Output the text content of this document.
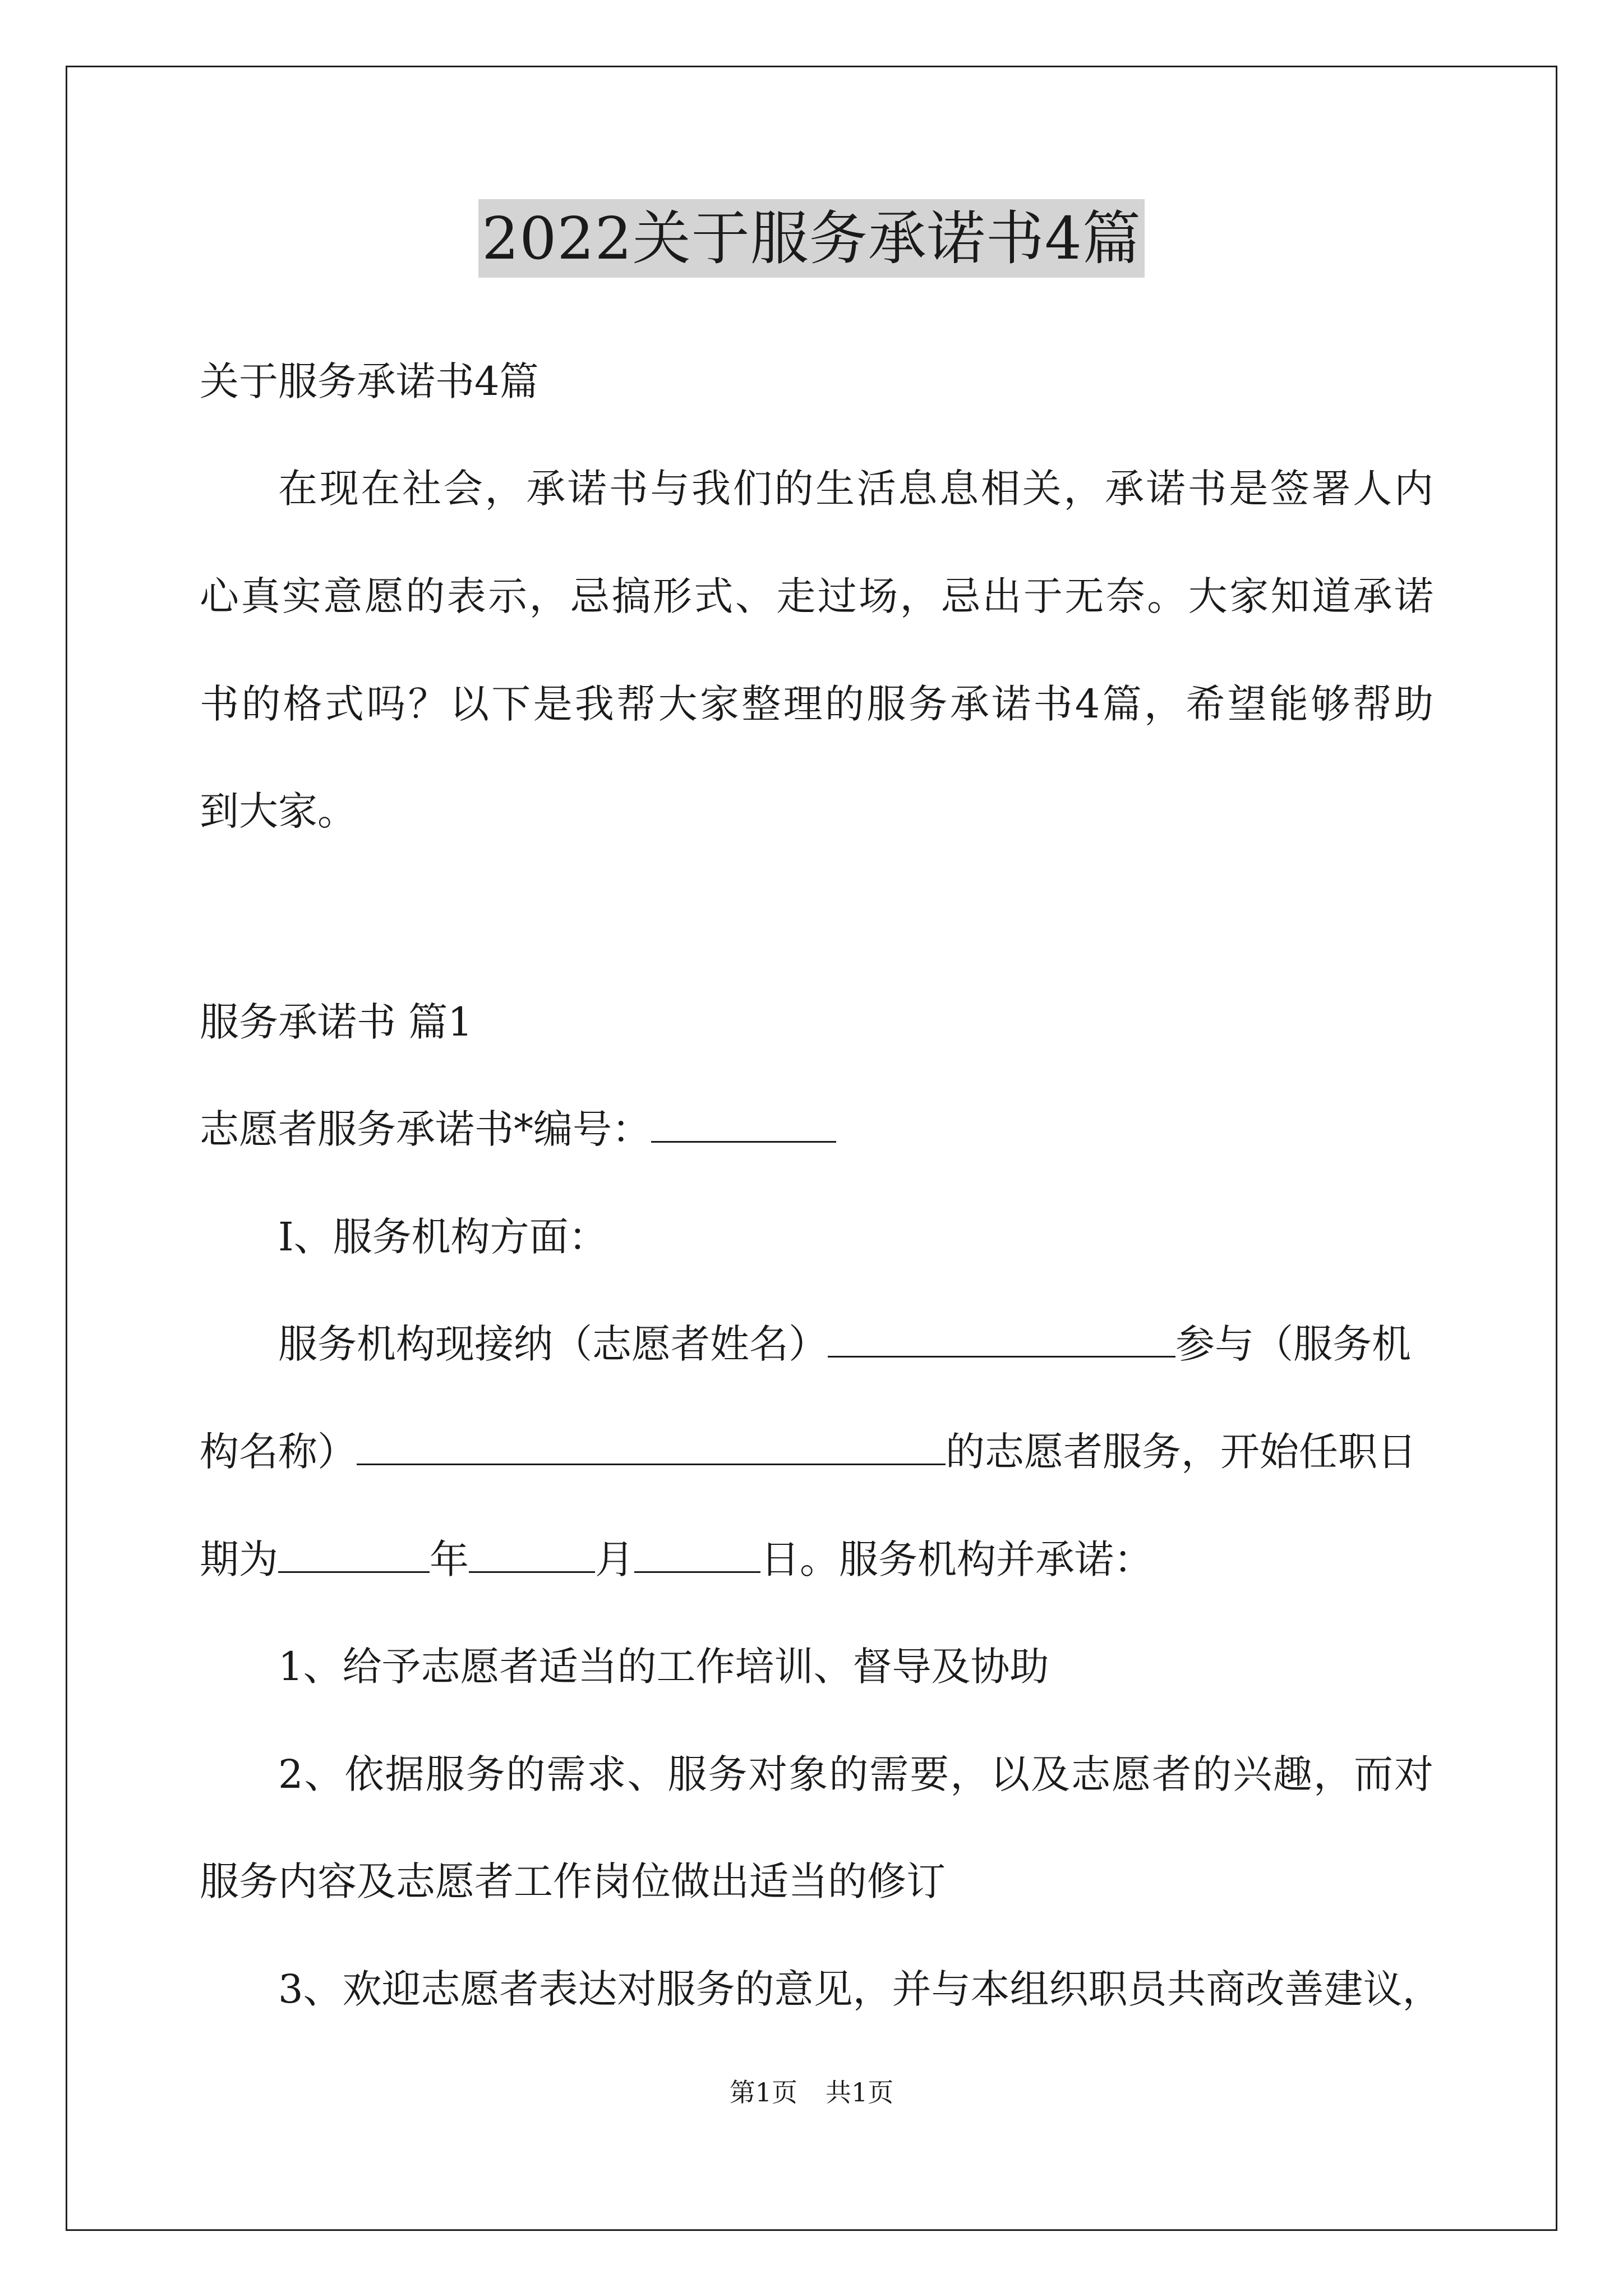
2022关于服务承诺书4篇
关于服务承诺书4篇
在现在社会，承诺书与我们的生活息息相关，承诺书是签署人内
心真实意愿的表示，忌搞形式、走过场，忌出于无奈。大家知道承诺
书的格式吗？以下是我帮大家整理的服务承诺书4篇，希望能够帮助
到大家。
服务承诺书 篇1
志愿者服务承诺书*编号：
I、服务机构方面：
服务机构现接纳（志愿者姓名）	参与（服务机
构名称）	的志愿者服务，开始任职日
期为	年	月	日。服务机构并承诺：
1、给予志愿者适当的工作培训、督导及协助
2、依据服务的需求、服务对象的需要，以及志愿者的兴趣，而对
服务内容及志愿者工作岗位做出适当的修订
3、欢迎志愿者表达对服务的意见，并与本组织职员共商改善建议，
第1页 共1页
